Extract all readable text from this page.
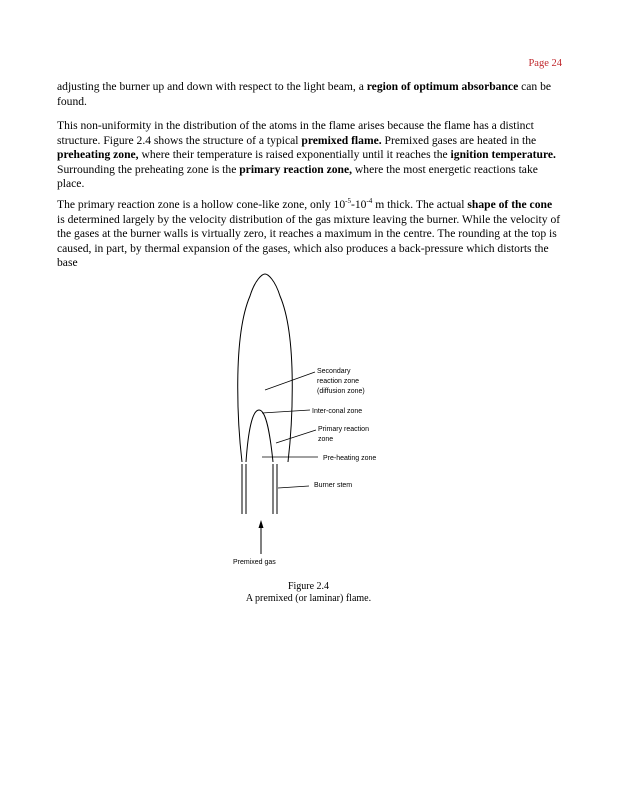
Page 24

adjusting the burner up and down with respect to the light beam, a region of optimum absorbance can be found.

This non-uniformity in the distribution of the atoms in the flame arises because the flame has a distinct structure. Figure 2.4 shows the structure of a typical premixed flame. Premixed gases are heated in the preheating zone, where their temperature is raised exponentially until it reaches the ignition temperature. Surrounding the preheating zone is the primary reaction zone, where the most energetic reactions take place.

The primary reaction zone is a hollow cone-like zone, only $10^{-5}-10^{-4}$ m thick. The actual shape of the cone is determined largely by the velocity distribution of the gas mixture leaving the burner. While the velocity of the gases at the burner walls is virtually zero, it reaches a maximum in the centre. The rounding at the top is caused, in part, by thermal expansion of the gases, which also produces a back-pressure which distorts the base

Secondary
reaction zone
(diffusion zone)
Inter-conal zone
Primary reaction
zone
Pre-heating zone
Burner stem
Premixed gas
Figure 2.4
A premixed (or laminar) flame.
